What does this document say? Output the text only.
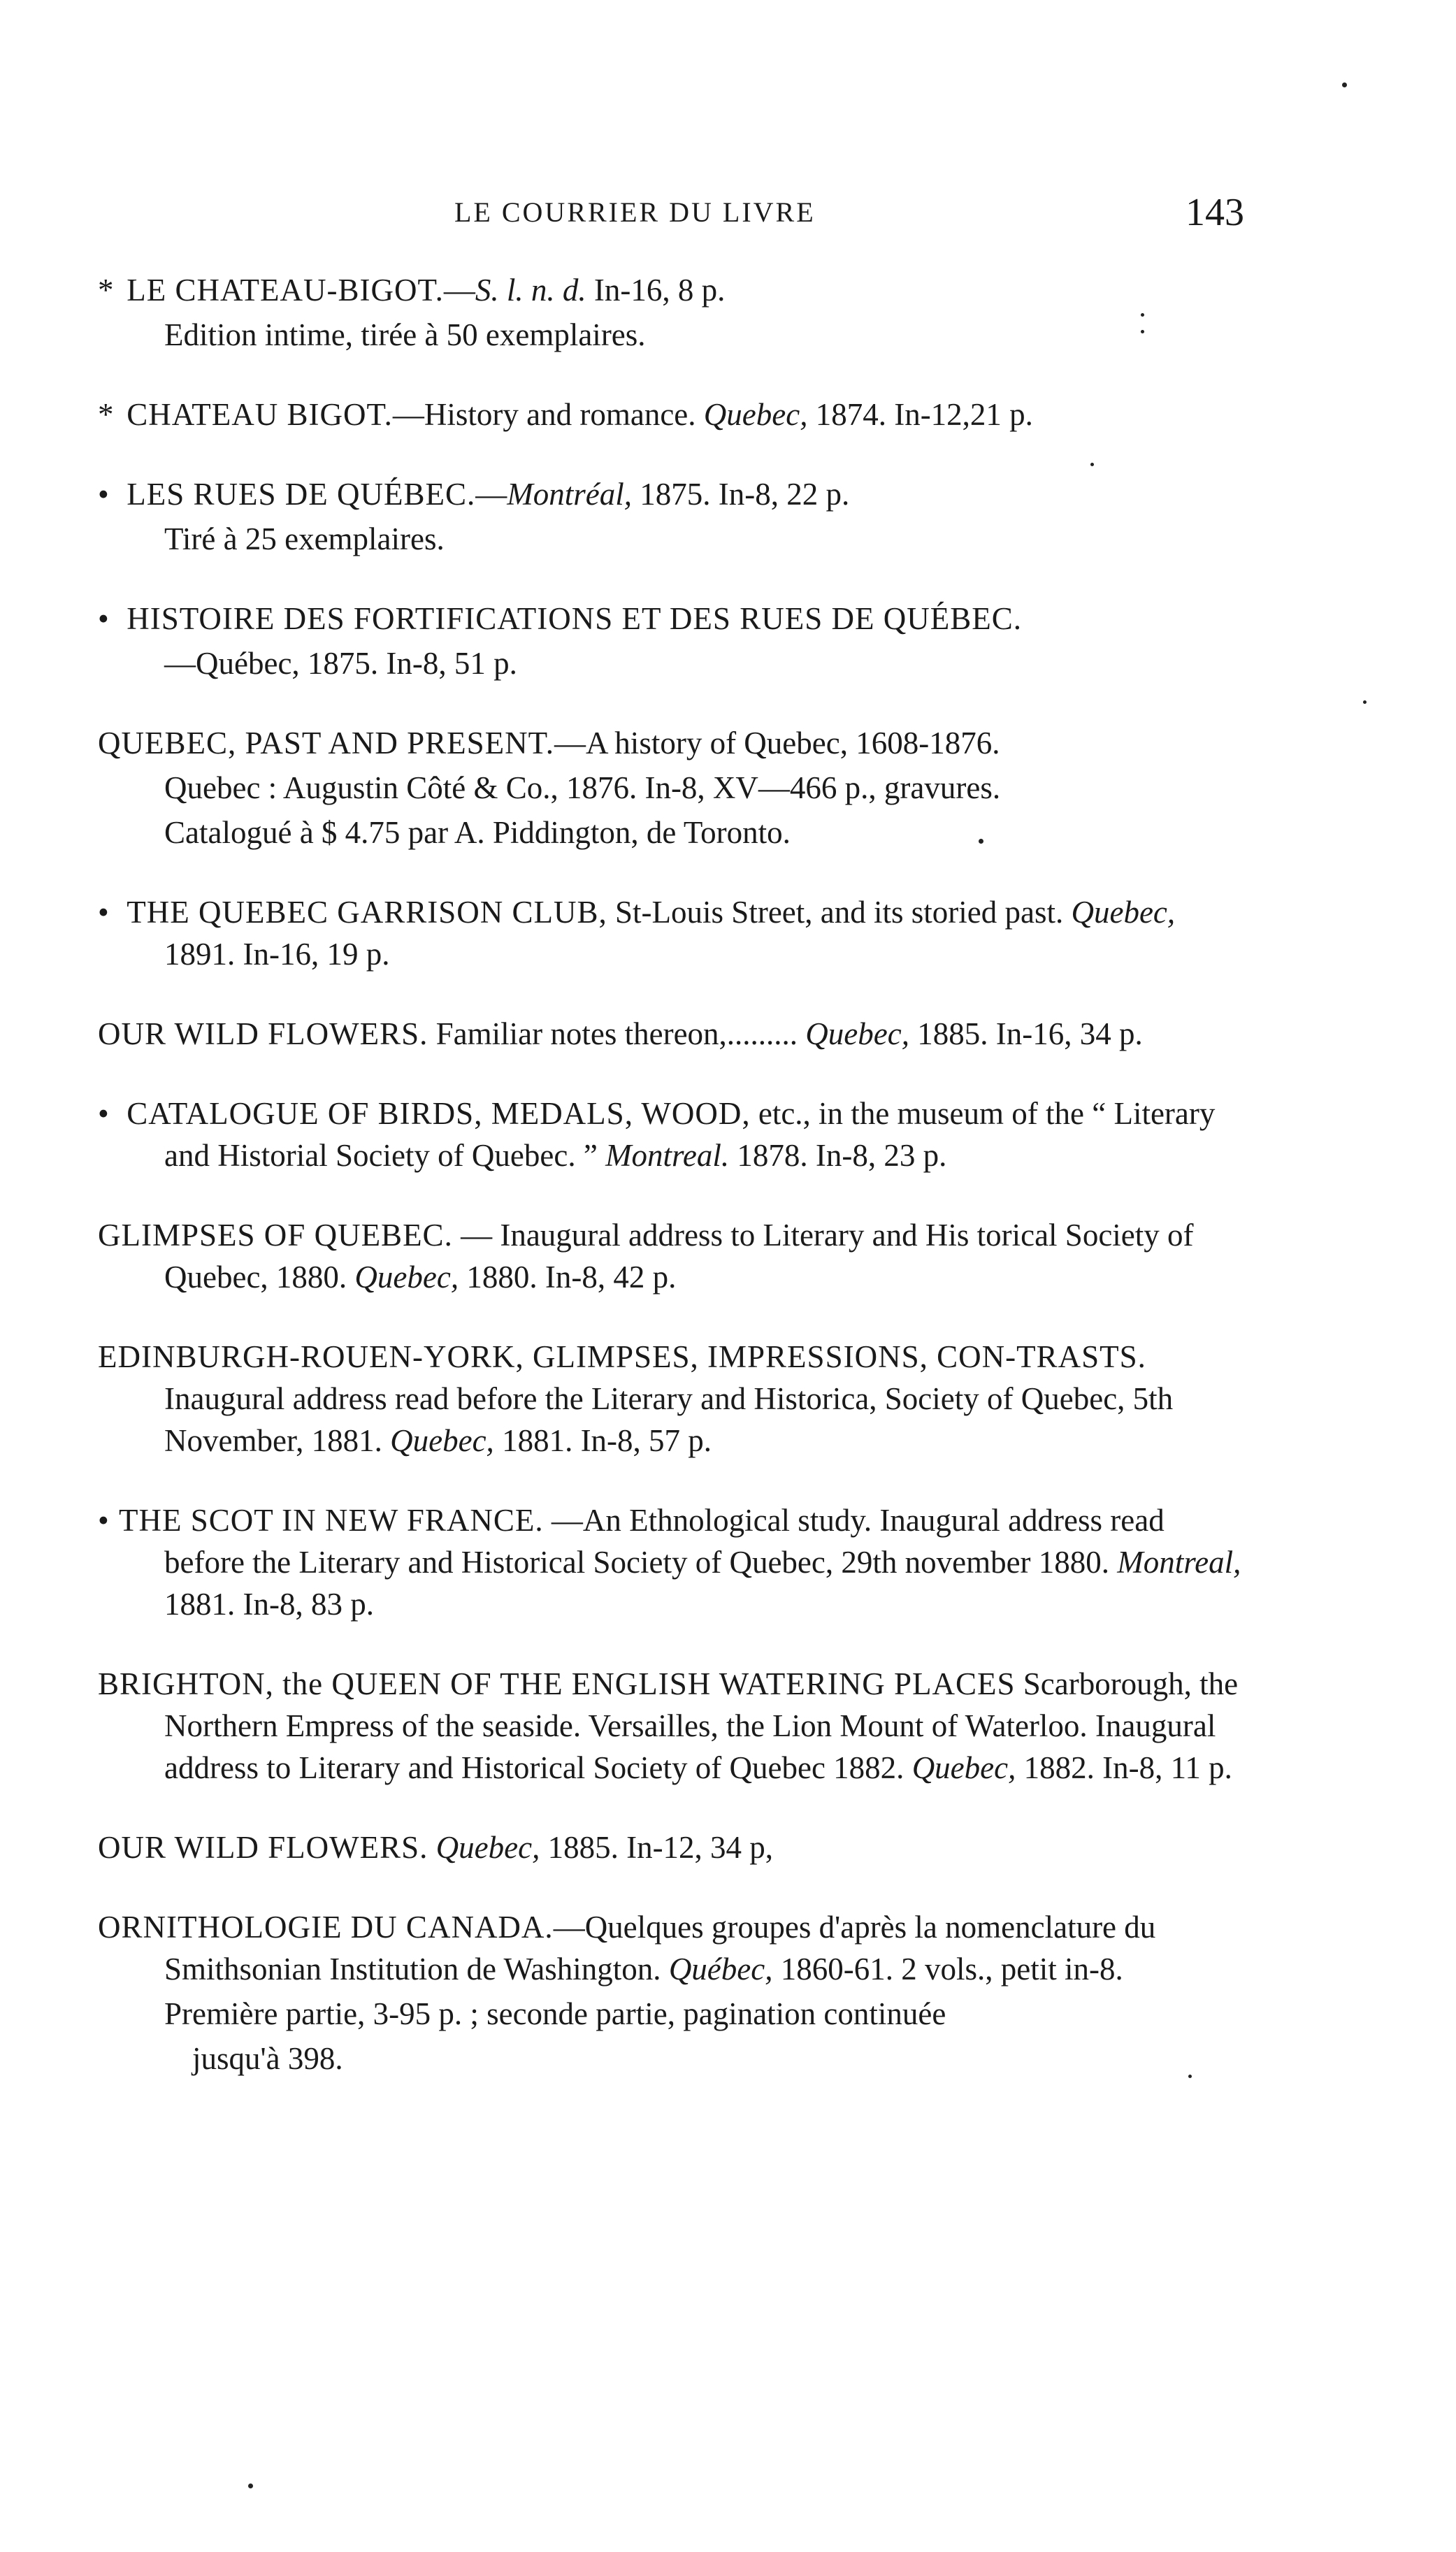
LE COURRIER DU LIVRE	143

* LE CHATEAU-BIGOT.—S. l. n. d. In-16, 8 p.

Edition intime, tirée à 50 exemplaires.

* CHATEAU BIGOT.—History and romance. Quebec, 1874. In-12,21 p.

• LES RUES DE QUÉBEC.—Montréal, 1875. In-8, 22 p.

Tiré à 25 exemplaires.

• HISTOIRE DES FORTIFICATIONS ET DES RUES DE QUÉBEC.

—Québec, 1875. In-8, 51 p.

QUEBEC, PAST AND PRESENT.—A history of Quebec, 1608-1876.

Quebec : Augustin Côté & Co., 1876. In-8, XV—466 p., gravures.

Catalogué à $ 4.75 par A. Piddington, de Toronto.

• THE QUEBEC GARRISON CLUB, St-Louis Street, and its storied past. Quebec, 1891. In-16, 19 p.

OUR WILD FLOWERS. Familiar notes thereon,......... Quebec, 1885. In-16, 34 p.

• CATALOGUE OF BIRDS, MEDALS, WOOD, etc., in the museum of the “ Literary and Historial Society of Quebec. ” Montreal. 1878. In-8, 23 p.

GLIMPSES OF QUEBEC. — Inaugural address to Literary and His torical Society of Quebec, 1880. Quebec, 1880. In-8, 42 p.

EDINBURGH-ROUEN-YORK, GLIMPSES, IMPRESSIONS, CON-TRASTS. Inaugural address read before the Literary and Historica, Society of Quebec, 5th November, 1881. Quebec, 1881. In-8, 57 p.

• THE SCOT IN NEW FRANCE. —An Ethnological study. Inaugural address read before the Literary and Historical Society of Quebec, 29th november 1880. Montreal, 1881. In-8, 83 p.

BRIGHTON, the QUEEN OF THE ENGLISH WATERING PLACES Scarborough, the Northern Empress of the seaside. Versailles, the Lion Mount of Waterloo. Inaugural address to Literary and Historical Society of Quebec 1882. Quebec, 1882. In-8, 11 p.

OUR WILD FLOWERS. Quebec, 1885. In-12, 34 p,

ORNITHOLOGIE DU CANADA.—Quelques groupes d'après la nomenclature du Smithsonian Institution de Washington. Québec, 1860-61. 2 vols., petit in-8.

Première partie, 3-95 p. ; seconde partie, pagination continuée

jusqu'à 398.
